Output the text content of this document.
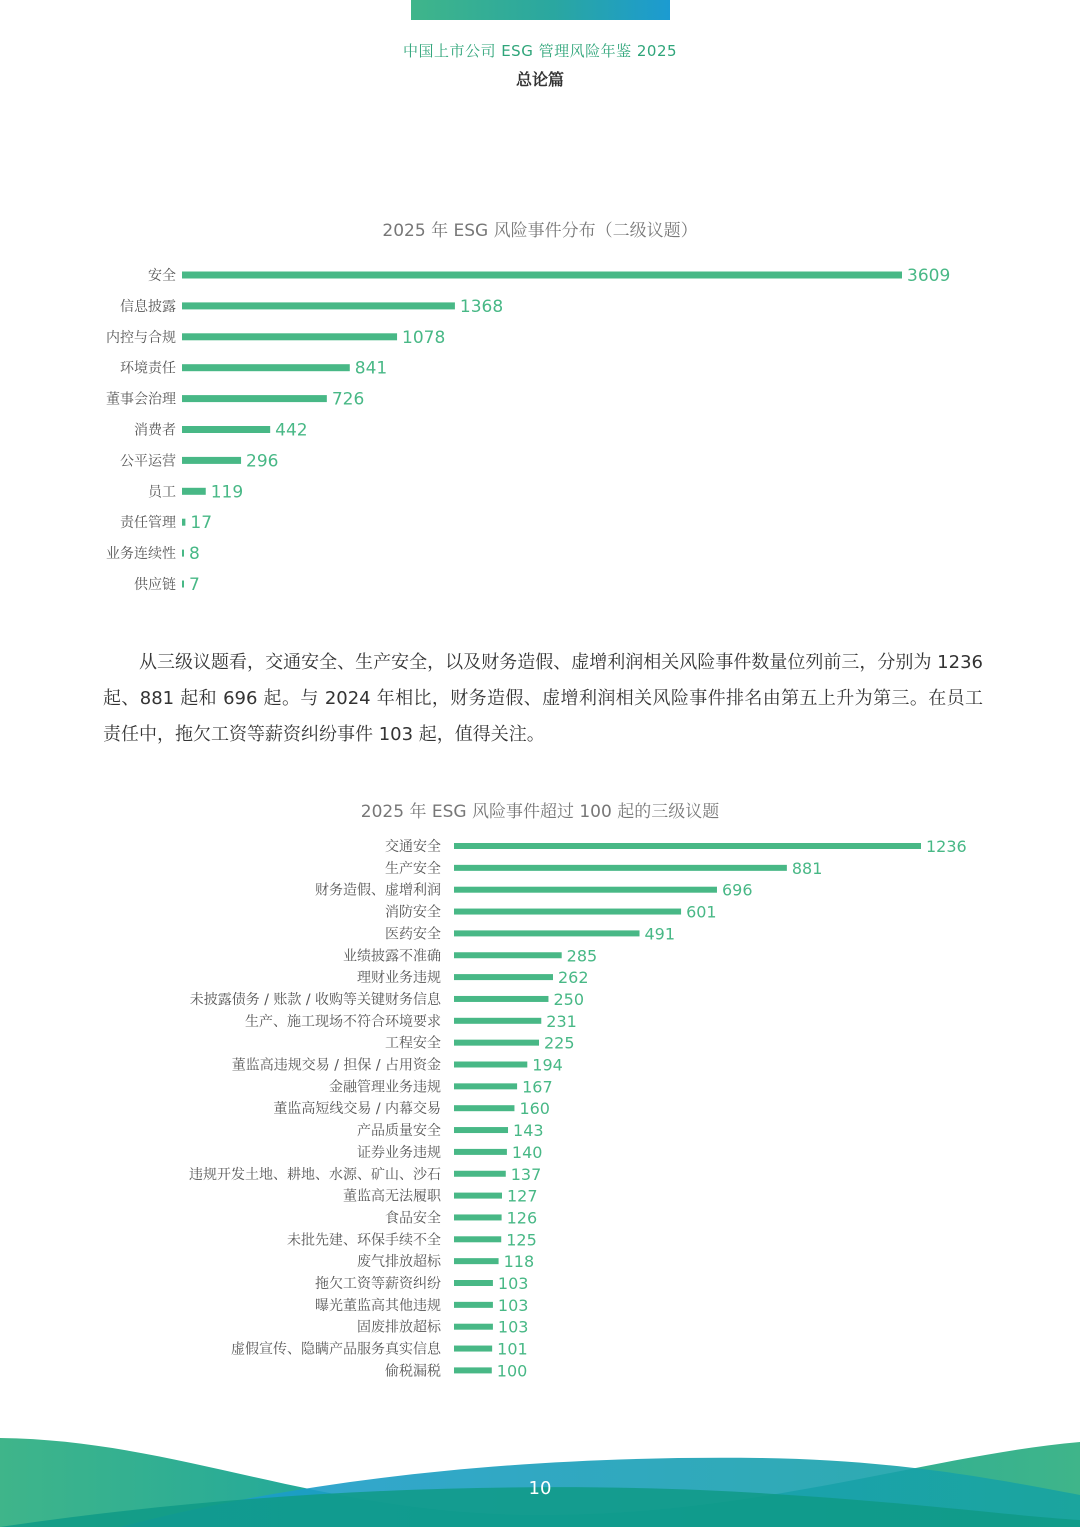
中国上市公司 ESG 管理风险年鉴 2025
总论篇
2025 年 ESG 风险事件分布（二级议题）
安全	3609
信息披露	1368
内控与合规	1078
环境责任	841
董事会治理	726
消费者	442
公平运营	296
员工 119
责任管理 17
业务连续性 8
供应链 7

从三级议题看，交通安全、生产安全，以及财务造假、虚增利润相关风险事件数量位列前三，分别为 1236 起、881 起和 696 起。与 2024 年相比，财务造假、虚增利润相关风险事件排名由第五上升为第三。在员工责任中，拖欠工资等薪资纠纷事件 103 起，值得关注。

2025 年 ESG 风险事件超过 100 起的三级议题
交通安全	1236
生产安全	881
财务造假、虚增利润	696
消防安全	601
医药安全	491
业绩披露不准确	285
理财业务违规	262
未披露债务 / 账款 / 收购等关键财务信息	250
生产、施工现场不符合环境要求	231
工程安全	225
董监高违规交易 / 担保 / 占用资金	194
金融管理业务违规	167
董监高短线交易 / 内幕交易	160
产品质量安全	143
证券业务违规	140
违规开发土地、耕地、水源、矿山、沙石	137
董监高无法履职	127
食品安全	126
未批先建、环保手续不全	125
废气排放超标	118
拖欠工资等薪资纠纷	103
曝光董监高其他违规	103
固废排放超标	103
虚假宣传、隐瞒产品服务真实信息	101
偷税漏税	100
10
